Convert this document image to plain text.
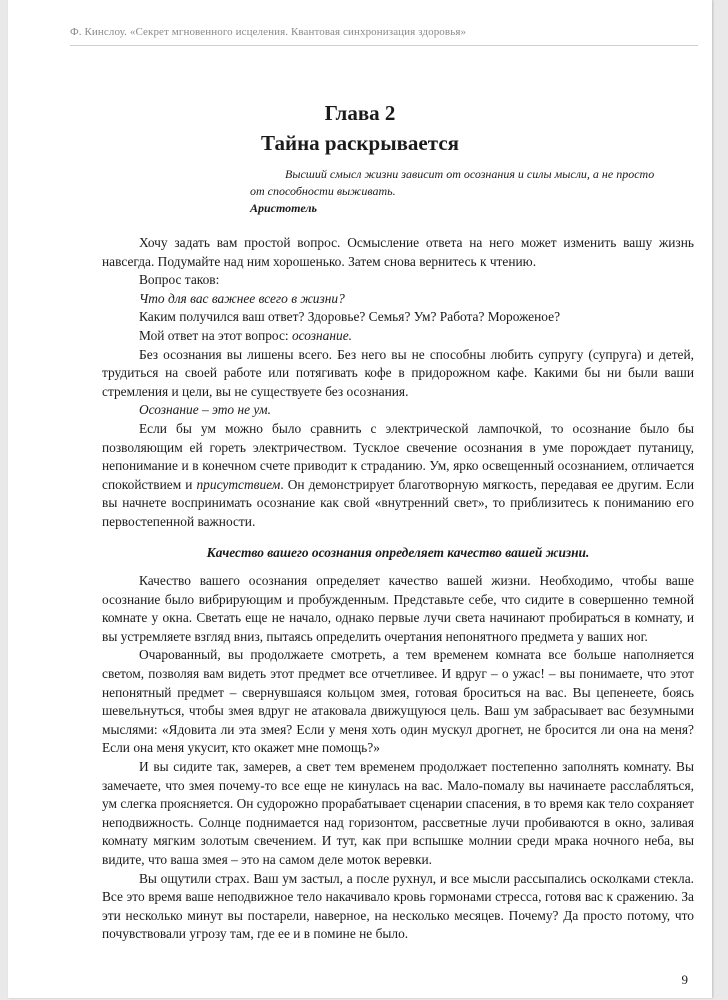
Ф. Кинслоу. «Секрет мгновенного исцеления. Квантовая синхронизация здоровья»
Глава 2
Тайна раскрывается

Высший смысл жизни зависит от осознания и силы мысли, а не просто от способности выживать.

Аристотель

Хочу задать вам простой вопрос. Осмысление ответа на него может изменить вашу жизнь навсегда. Подумайте над ним хорошенько. Затем снова вернитесь к чтению.

Вопрос таков:

Что для вас важнее всего в жизни?

Каким получился ваш ответ? Здоровье? Семья? Ум? Работа? Мороженое?

Мой ответ на этот вопрос: осознание.

Без осознания вы лишены всего. Без него вы не способны любить супругу (супруга) и детей, трудиться на своей работе или потягивать кофе в придорожном кафе. Какими бы ни были ваши стремления и цели, вы не существуете без осознания.

Осознание – это не ум.

Если бы ум можно было сравнить с электрической лампочкой, то осознание было бы позволяющим ей гореть электричеством. Тусклое свечение осознания в уме порождает путаницу, непонимание и в конечном счете приводит к страданию. Ум, ярко освещенный осознанием, отличается спокойствием и присутствием. Он демонстрирует благотворную мягкость, передавая ее другим. Если вы начнете воспринимать осознание как свой «внутренний свет», то приблизитесь к пониманию его первостепенной важности.

Качество вашего осознания определяет качество вашей жизни.

Качество вашего осознания определяет качество вашей жизни. Необходимо, чтобы ваше осознание было вибрирующим и пробужденным. Представьте себе, что сидите в совершенно темной комнате у окна. Светать еще не начало, однако первые лучи света начинают пробираться в комнату, и вы устремляете взгляд вниз, пытаясь определить очертания непонятного предмета у ваших ног.

Очарованный, вы продолжаете смотреть, а тем временем комната все больше наполняется светом, позволяя вам видеть этот предмет все отчетливее. И вдруг – о ужас! – вы понимаете, что этот непонятный предмет – свернувшаяся кольцом змея, готовая броситься на вас. Вы цепенеете, боясь шевельнуться, чтобы змея вдруг не атаковала движущуюся цель. Ваш ум забрасывает вас безумными мыслями: «Ядовита ли эта змея? Если у меня хоть один мускул дрогнет, не бросится ли она на меня? Если она меня укусит, кто окажет мне помощь?»

И вы сидите так, замерев, а свет тем временем продолжает постепенно заполнять комнату. Вы замечаете, что змея почему-то все еще не кинулась на вас. Мало-помалу вы начинаете расслабляться, ум слегка проясняется. Он судорожно прорабатывает сценарии спасения, в то время как тело сохраняет неподвижность. Солнце поднимается над горизонтом, рассветные лучи пробиваются в окно, заливая комнату мягким золотым свечением. И тут, как при вспышке молнии среди мрака ночного неба, вы видите, что ваша змея – это на самом деле моток веревки.

Вы ощутили страх. Ваш ум застыл, а после рухнул, и все мысли рассыпались осколками стекла. Все это время ваше неподвижное тело накачивало кровь гормонами стресса, готовя вас к сражению. За эти несколько минут вы постарели, наверное, на несколько месяцев. Почему? Да просто потому, что почувствовали угрозу там, где ее и в помине не было.

9
